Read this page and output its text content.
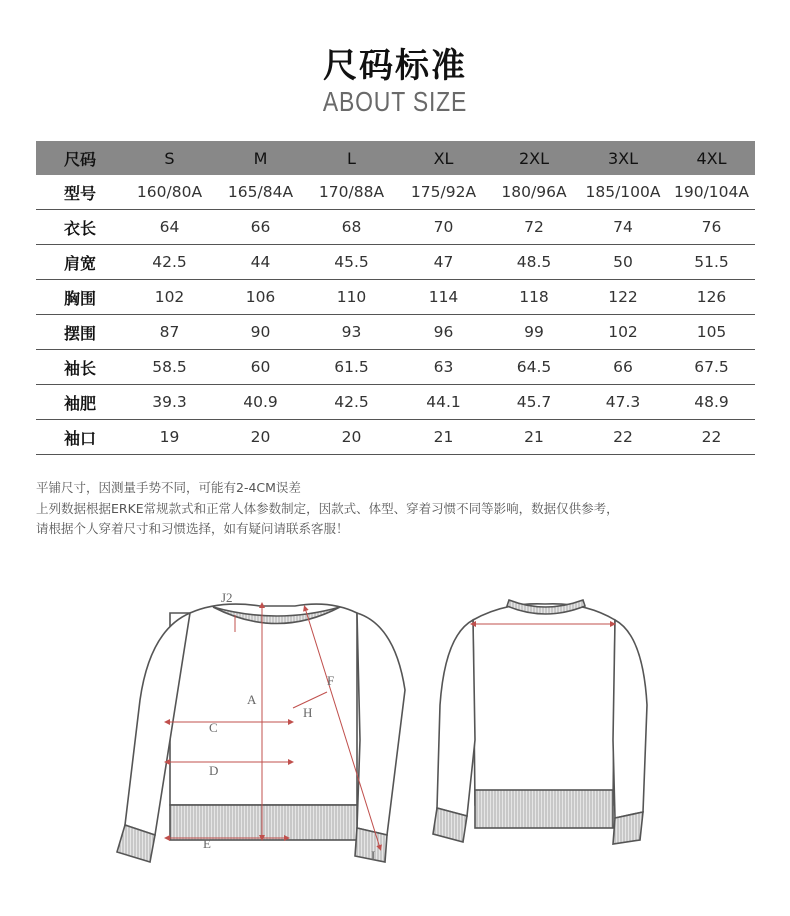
尺码标准
ABOUT SIZE
尺码	S	M	L	XL	2XL	3XL	4XL
型号	160/80A	165/84A	170/88A	175/92A	180/96A	185/100A	190/104A
衣长	64	66	68	70	72	74	76
肩宽	42.5	44	45.5	47	48.5	50	51.5
胸围	102	106	110	114	118	122	126
摆围	87	90	93	96	99	102	105
袖长	58.5	60	61.5	63	64.5	66	67.5
袖肥	39.3	40.9	42.5	44.1	45.7	47.3	48.9
袖口	19	20	20	21	21	22	22
平铺尺寸，因测量手势不同，可能有2-4CM误差
上列数据根据ERKE常规款式和正常人体参数制定，因款式、体型、穿着习惯不同等影响，数据仅供参考，
请根据个人穿着尺寸和习惯选择，如有疑问请联系客服！
J2
A
C
D
E
F
H
I
